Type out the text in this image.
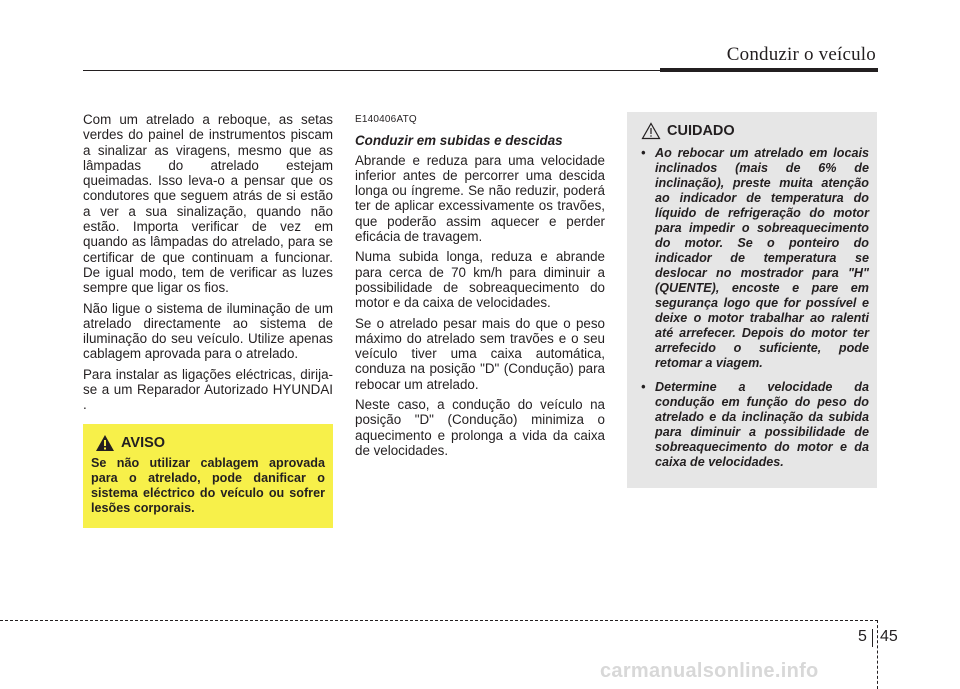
Conduzir o veículo

Com um atrelado a reboque, as setas verdes do painel de instrumentos piscam a sinalizar as viragens, mesmo que as lâmpadas do atrelado estejam queimadas. Isso leva-o a pensar que os condutores que seguem atrás de si estão a ver a sua sinalização, quando não estão. Importa verificar de vez em quando as lâmpadas do atrelado, para se certificar de que continuam a funcionar. De igual modo, tem de verificar as luzes sempre que ligar os fios.

Não ligue o sistema de iluminação de um atrelado directamente ao sistema de iluminação do seu veículo. Utilize apenas cablagem aprovada para o atrelado.

Para instalar as ligações eléctricas, dirija-se a um Reparador Autorizado HYUNDAI .

AVISO
Se não utilizar cablagem aprovada para o atrelado, pode danificar o sistema eléctrico do veículo ou sofrer lesões corporais.
E140406ATQ
Conduzir em subidas e descidas

Abrande e reduza para uma velocidade inferior antes de percorrer uma descida longa ou íngreme. Se não reduzir, poderá ter de aplicar excessivamente os travões, que poderão assim aquecer e perder eficácia de travagem.

Numa subida longa, reduza e abrande para cerca de 70 km/h para diminuir a possibilidade de sobreaquecimento do motor e da caixa de velocidades.

Se o atrelado pesar mais do que o peso máximo do atrelado sem travões e o seu veículo tiver uma caixa automática, conduza na posição "D" (Condução) para rebocar um atrelado.

Neste caso, a condução do veículo na posição "D" (Condução) minimiza o aquecimento e prolonga a vida da caixa de velocidades.

CUIDADO
• Ao rebocar um atrelado em locais inclinados (mais de 6% de inclinação), preste muita atenção ao indicador de temperatura do líquido de refrigeração do motor para impedir o sobreaquecimento do motor. Se o ponteiro do indicador de temperatura se deslocar no mostrador para "H" (QUENTE), encoste e pare em segurança logo que for possível e deixe o motor trabalhar ao ralenti até arrefecer. Depois do motor ter arrefecido o suficiente, pode retomar a viagem.
• Determine a velocidade da condução em função do peso do atrelado e da inclinação da subida para diminuir a possibilidade de sobreaquecimento do motor e da caixa de velocidades.
5 45
carmanualsonline.info
